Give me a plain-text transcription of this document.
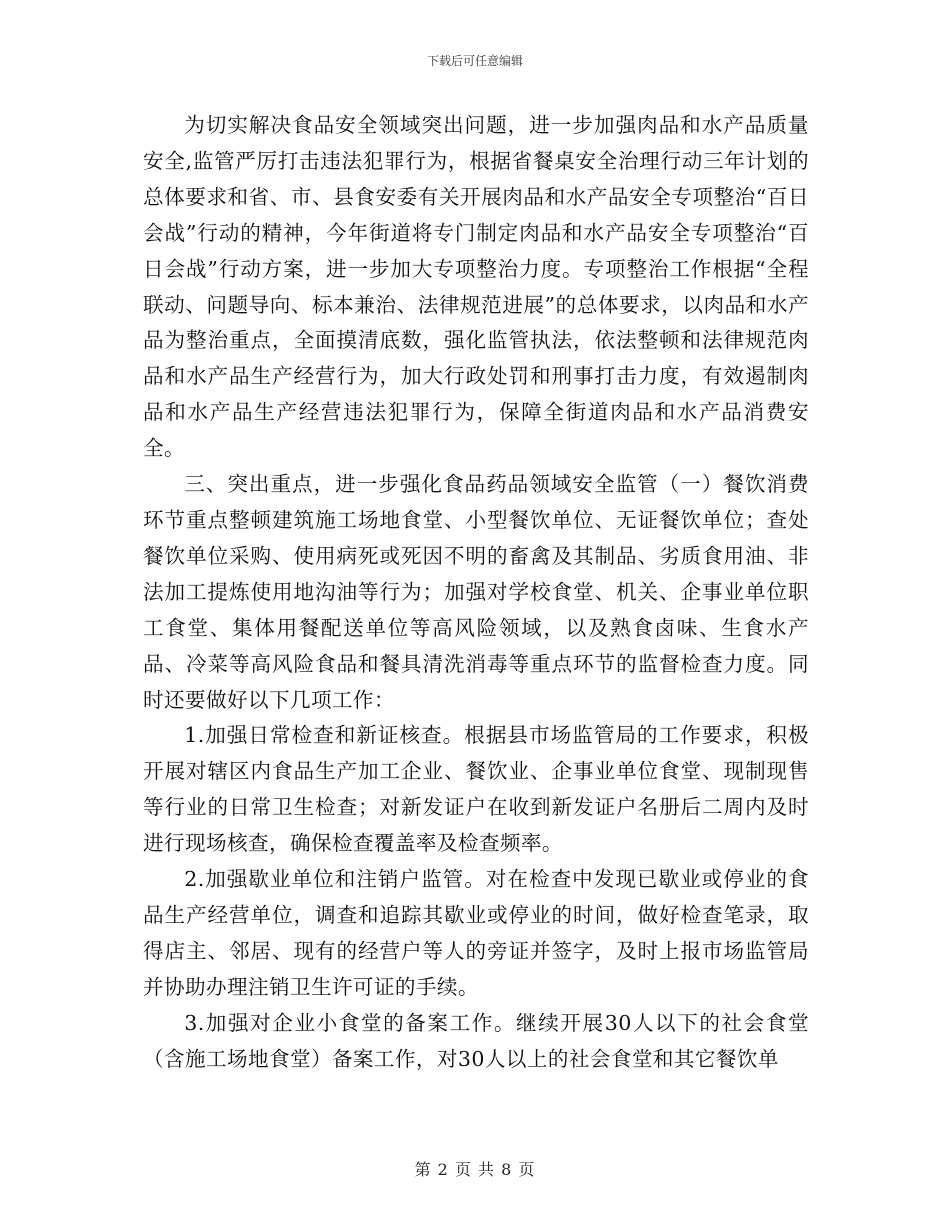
下载后可任意编辑

为切实解决食品安全领域突出问题，进一步加强肉品和水产品质量安全,监管严厉打击违法犯罪行为，根据省餐桌安全治理行动三年计划的总体要求和省、市、县食安委有关开展肉品和水产品安全专项整治“百日会战”行动的精神，今年街道将专门制定肉品和水产品安全专项整治“百日会战”行动方案，进一步加大专项整治力度。专项整治工作根据“全程联动、问题导向、标本兼治、法律规范进展”的总体要求，以肉品和水产品为整治重点，全面摸清底数，强化监管执法，依法整顿和法律规范肉品和水产品生产经营行为，加大行政处罚和刑事打击力度，有效遏制肉品和水产品生产经营违法犯罪行为，保障全街道肉品和水产品消费安全。

三、突出重点，进一步强化食品药品领域安全监管（一）餐饮消费环节重点整顿建筑施工场地食堂、小型餐饮单位、无证餐饮单位；查处餐饮单位采购、使用病死或死因不明的畜禽及其制品、劣质食用油、非法加工提炼使用地沟油等行为；加强对学校食堂、机关、企事业单位职工食堂、集体用餐配送单位等高风险领域，以及熟食卤味、生食水产品、冷菜等高风险食品和餐具清洗消毒等重点环节的监督检查力度。同时还要做好以下几项工作：

1.加强日常检查和新证核查。根据县市场监管局的工作要求，积极开展对辖区内食品生产加工企业、餐饮业、企事业单位食堂、现制现售等行业的日常卫生检查；对新发证户在收到新发证户名册后二周内及时进行现场核查，确保检查覆盖率及检查频率。

2.加强歇业单位和注销户监管。对在检查中发现已歇业或停业的食品生产经营单位，调查和追踪其歇业或停业的时间，做好检查笔录，取得店主、邻居、现有的经营户等人的旁证并签字，及时上报市场监管局并协助办理注销卫生许可证的手续。

3.加强对企业小食堂的备案工作。继续开展30人以下的社会食堂（含施工场地食堂）备案工作，对30人以上的社会食堂和其它餐饮单

第 2 页 共 8 页
